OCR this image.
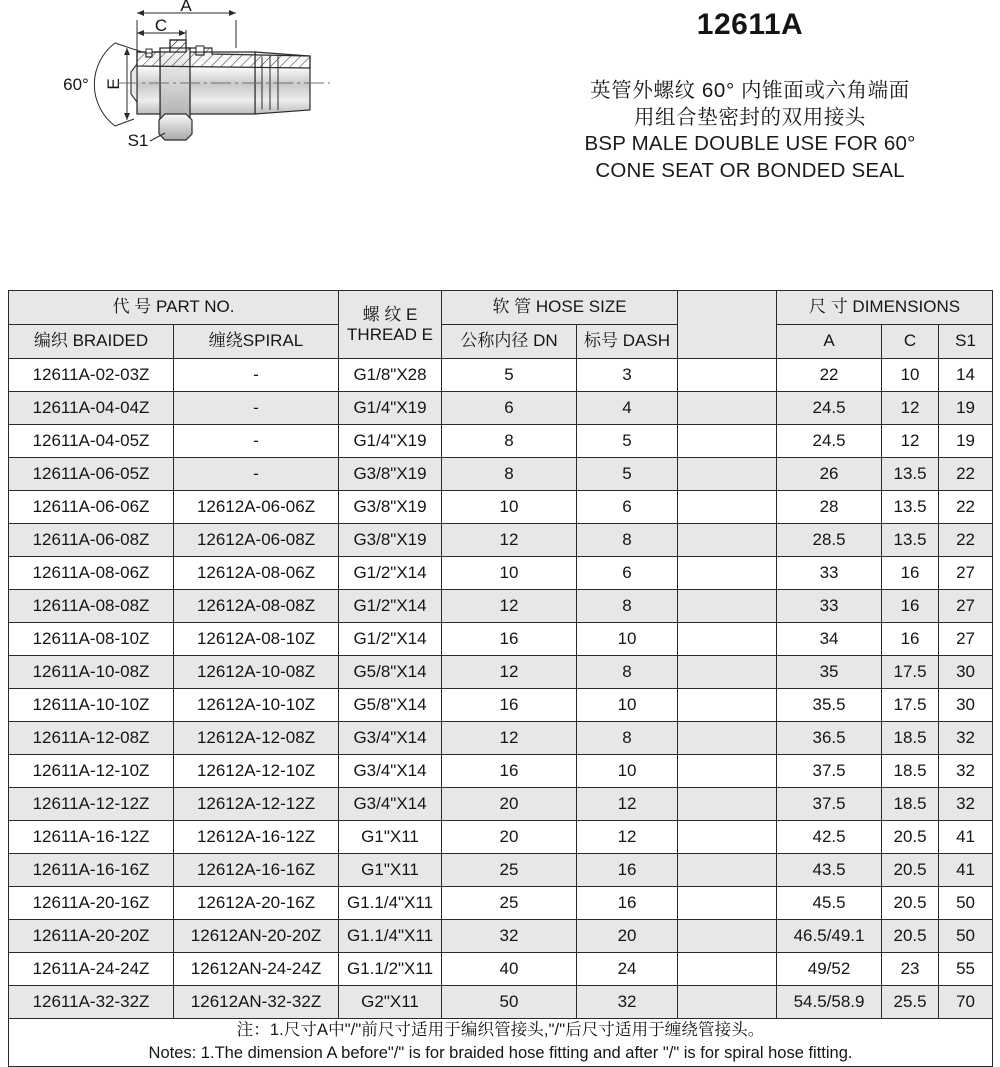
A
C
60° E
S1
12611A
英管外螺纹 60° 内锥面或六角端面
用组合垫密封的双用接头
BSP MALE DOUBLE USE FOR 60°
CONE SEAT OR BONDED SEAL
代 号 PART NO.		螺 纹 E
THREAD E	软 管 HOSE SIZE			尺 寸 DIMENSIONS		
编织 BRAIDED	缠绕SPIRAL		公称内径 DN	标号 DASH		A	C	S1
12611A-02-03Z	-	G1/8"X28	5	3		22	10	14
12611A-04-04Z	-	G1/4"X19	6	4		24.5	12	19
12611A-04-05Z	-	G1/4"X19	8	5		24.5	12	19
12611A-06-05Z	-	G3/8"X19	8	5		26	13.5	22
12611A-06-06Z	12612A-06-06Z	G3/8"X19	10	6		28	13.5	22
12611A-06-08Z	12612A-06-08Z	G3/8"X19	12	8		28.5	13.5	22
12611A-08-06Z	12612A-08-06Z	G1/2"X14	10	6		33	16	27
12611A-08-08Z	12612A-08-08Z	G1/2"X14	12	8		33	16	27
12611A-08-10Z	12612A-08-10Z	G1/2"X14	16	10		34	16	27
12611A-10-08Z	12612A-10-08Z	G5/8"X14	12	8		35	17.5	30
12611A-10-10Z	12612A-10-10Z	G5/8"X14	16	10		35.5	17.5	30
12611A-12-08Z	12612A-12-08Z	G3/4"X14	12	8		36.5	18.5	32
12611A-12-10Z	12612A-12-10Z	G3/4"X14	16	10		37.5	18.5	32
12611A-12-12Z	12612A-12-12Z	G3/4"X14	20	12		37.5	18.5	32
12611A-16-12Z	12612A-16-12Z	G1"X11	20	12		42.5	20.5	41
12611A-16-16Z	12612A-16-16Z	G1"X11	25	16		43.5	20.5	41
12611A-20-16Z	12612A-20-16Z	G1.1/4"X11	25	16		45.5	20.5	50
12611A-20-20Z	12612AN-20-20Z	G1.1/4"X11	32	20		46.5/49.1	20.5	50
12611A-24-24Z	12612AN-24-24Z	G1.1/2"X11	40	24		49/52	23	55
12611A-32-32Z	12612AN-32-32Z	G2"X11	50	32		54.5/58.9	25.5	70

注：1.尺寸A中"/"前尺寸适用于编织管接头,"/"后尺寸适用于缠绕管接头。
Notes: 1.The dimension A before"/" is for braided hose fitting and after "/" is for spiral hose fitting.								
